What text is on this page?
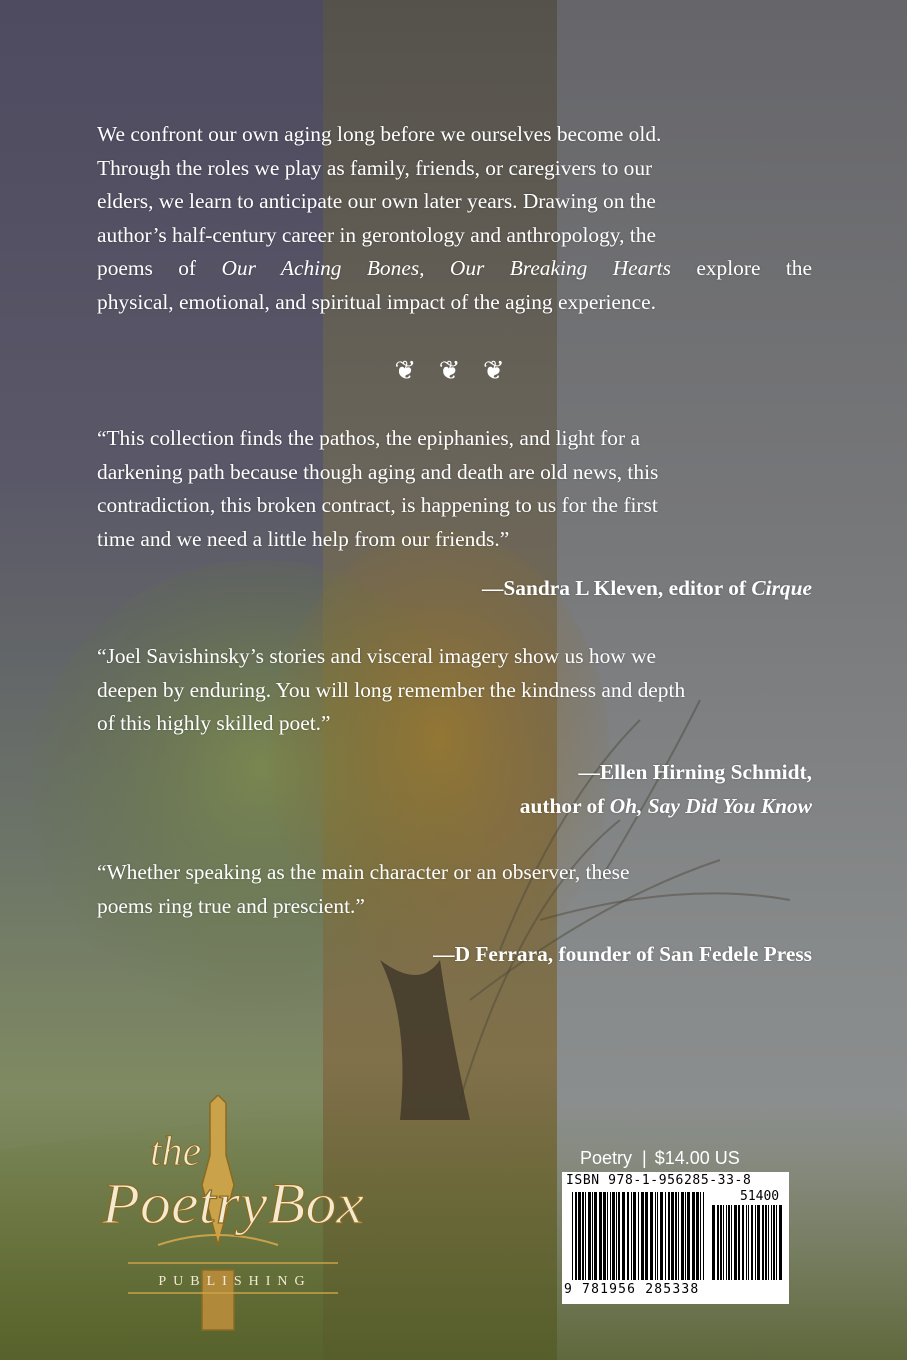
We confront our own aging long before we ourselves become old.
Through the roles we play as family, friends, or caregivers to our
elders, we learn to anticipate our own later years. Drawing on the
author’s half-century career in gerontology and anthropology, the
poems of Our Aching Bones, Our Breaking Hearts explore the
physical, emotional, and spiritual impact of the aging experience.
❦ ❦ ❦
“This collection finds the pathos, the epiphanies, and light for a
darkening path because though aging and death are old news, this
contradiction, this broken contract, is happening to us for the first
time and we need a little help from our friends.”
—Sandra L Kleven, editor of Cirque
“Joel Savishinsky’s stories and visceral imagery show us how we
deepen by enduring. You will long remember the kindness and depth
of this highly skilled poet.”
—Ellen Hirning Schmidt,
author of Oh, Say Did You Know
“Whether speaking as the main character or an observer, these
poems ring true and prescient.”
—D Ferrara, founder of San Fedele Press
the
PoetryBox
PUBLISHING
Poetry | $14.00 US
ISBN 978-1-956285-33-8
51400
9 781956 285338
